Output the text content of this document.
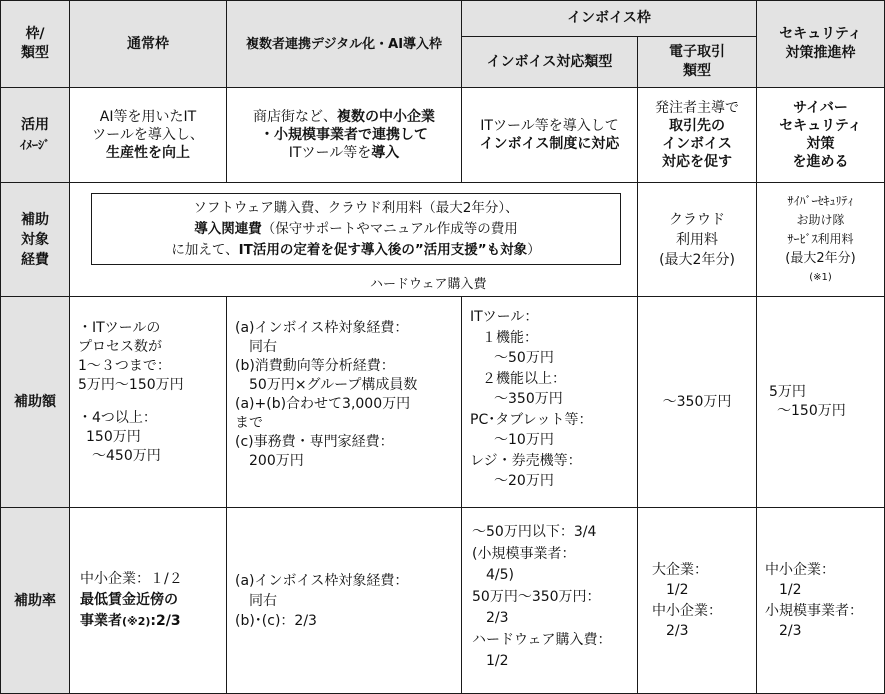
枠/
類型
通常枠	複数者連携デジタル化・AI導入枠
インボイス枠
インボイス対応類型
電子取引
類型
セキュリティ
対策推進枠
活用
ｲﾒｰｼﾞ
AI等を用いたIT
ツールを導入し、
生産性を向上
商店街など、複数の中小企業
・小規模事業者で連携して
ITツール等を導入
ITツール等を導入して
インボイス制度に対応
発注者主導で
取引先の
インボイス
対応を促す
サイバー
セキュリティ
対策
を進める
補助
対象
経費
ソフトウェア購入費、クラウド利用料（最大2年分）、
導入関連費（保守サポートやマニュアル作成等の費用
に加えて、IT活用の定着を促す導入後の”活用支援”も対象）
ハードウェア購入費
クラウド
利用料
(最大2年分)
ｻｲﾊﾞｰｾｷｭﾘﾃｨ
お助け隊
ｻｰﾋﾞｽ利用料
(最大2年分)
(※1)
補助額
・ITツールの
プロセス数が
1～３つまで：
5万円～150万円
・4つ以上：
150万円
～450万円
(a)インボイス枠対象経費：
同右
(b)消費動向等分析経費：
50万円×グループ構成員数
(a)+(b)合わせて3,000万円
まで
(c)事務費・専門家経費：
200万円
ITツール：
１機能：
～50万円
２機能以上：
～350万円
PC･タブレット等：
～10万円
レジ・券売機等：
～20万円
～350万円
5万円
～150万円
補助率
中小企業：１/２
最低賃金近傍の
事業者(※2):2/3
(a)インボイス枠対象経費：
同右
(b)･(c)：2/3
～50万円以下：3/4
(小規模事業者：
4/5)
50万円～350万円：
2/3
ハードウェア購入費：
1/2
大企業：
1/2
中小企業：
2/3
中小企業：
1/2
小規模事業者：
2/3
